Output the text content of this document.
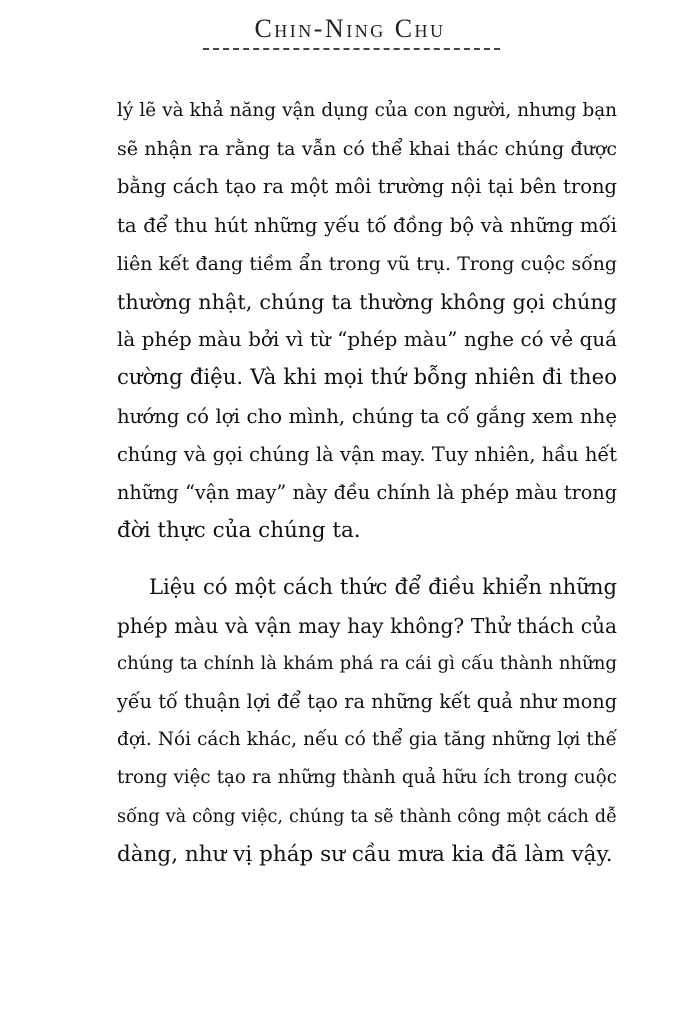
Chin-Ning Chu
lý lẽ và khả năng vận dụng của con người, nhưng bạn
sẽ nhận ra rằng ta vẫn có thể khai thác chúng được
bằng cách tạo ra một môi trường nội tại bên trong
ta để thu hút những yếu tố đồng bộ và những mối
liên kết đang tiềm ẩn trong vũ trụ. Trong cuộc sống
thường nhật, chúng ta thường không gọi chúng
là phép màu bởi vì từ “phép màu” nghe có vẻ quá
cường điệu. Và khi mọi thứ bỗng nhiên đi theo
hướng có lợi cho mình, chúng ta cố gắng xem nhẹ
chúng và gọi chúng là vận may. Tuy nhiên, hầu hết
những “vận may” này đều chính là phép màu trong
đời thực của chúng ta.
Liệu có một cách thức để điều khiển những
phép màu và vận may hay không? Thử thách của
chúng ta chính là khám phá ra cái gì cấu thành những
yếu tố thuận lợi để tạo ra những kết quả như mong
đợi. Nói cách khác, nếu có thể gia tăng những lợi thế
trong việc tạo ra những thành quả hữu ích trong cuộc
sống và công việc, chúng ta sẽ thành công một cách dễ
dàng, như vị pháp sư cầu mưa kia đã làm vậy.
